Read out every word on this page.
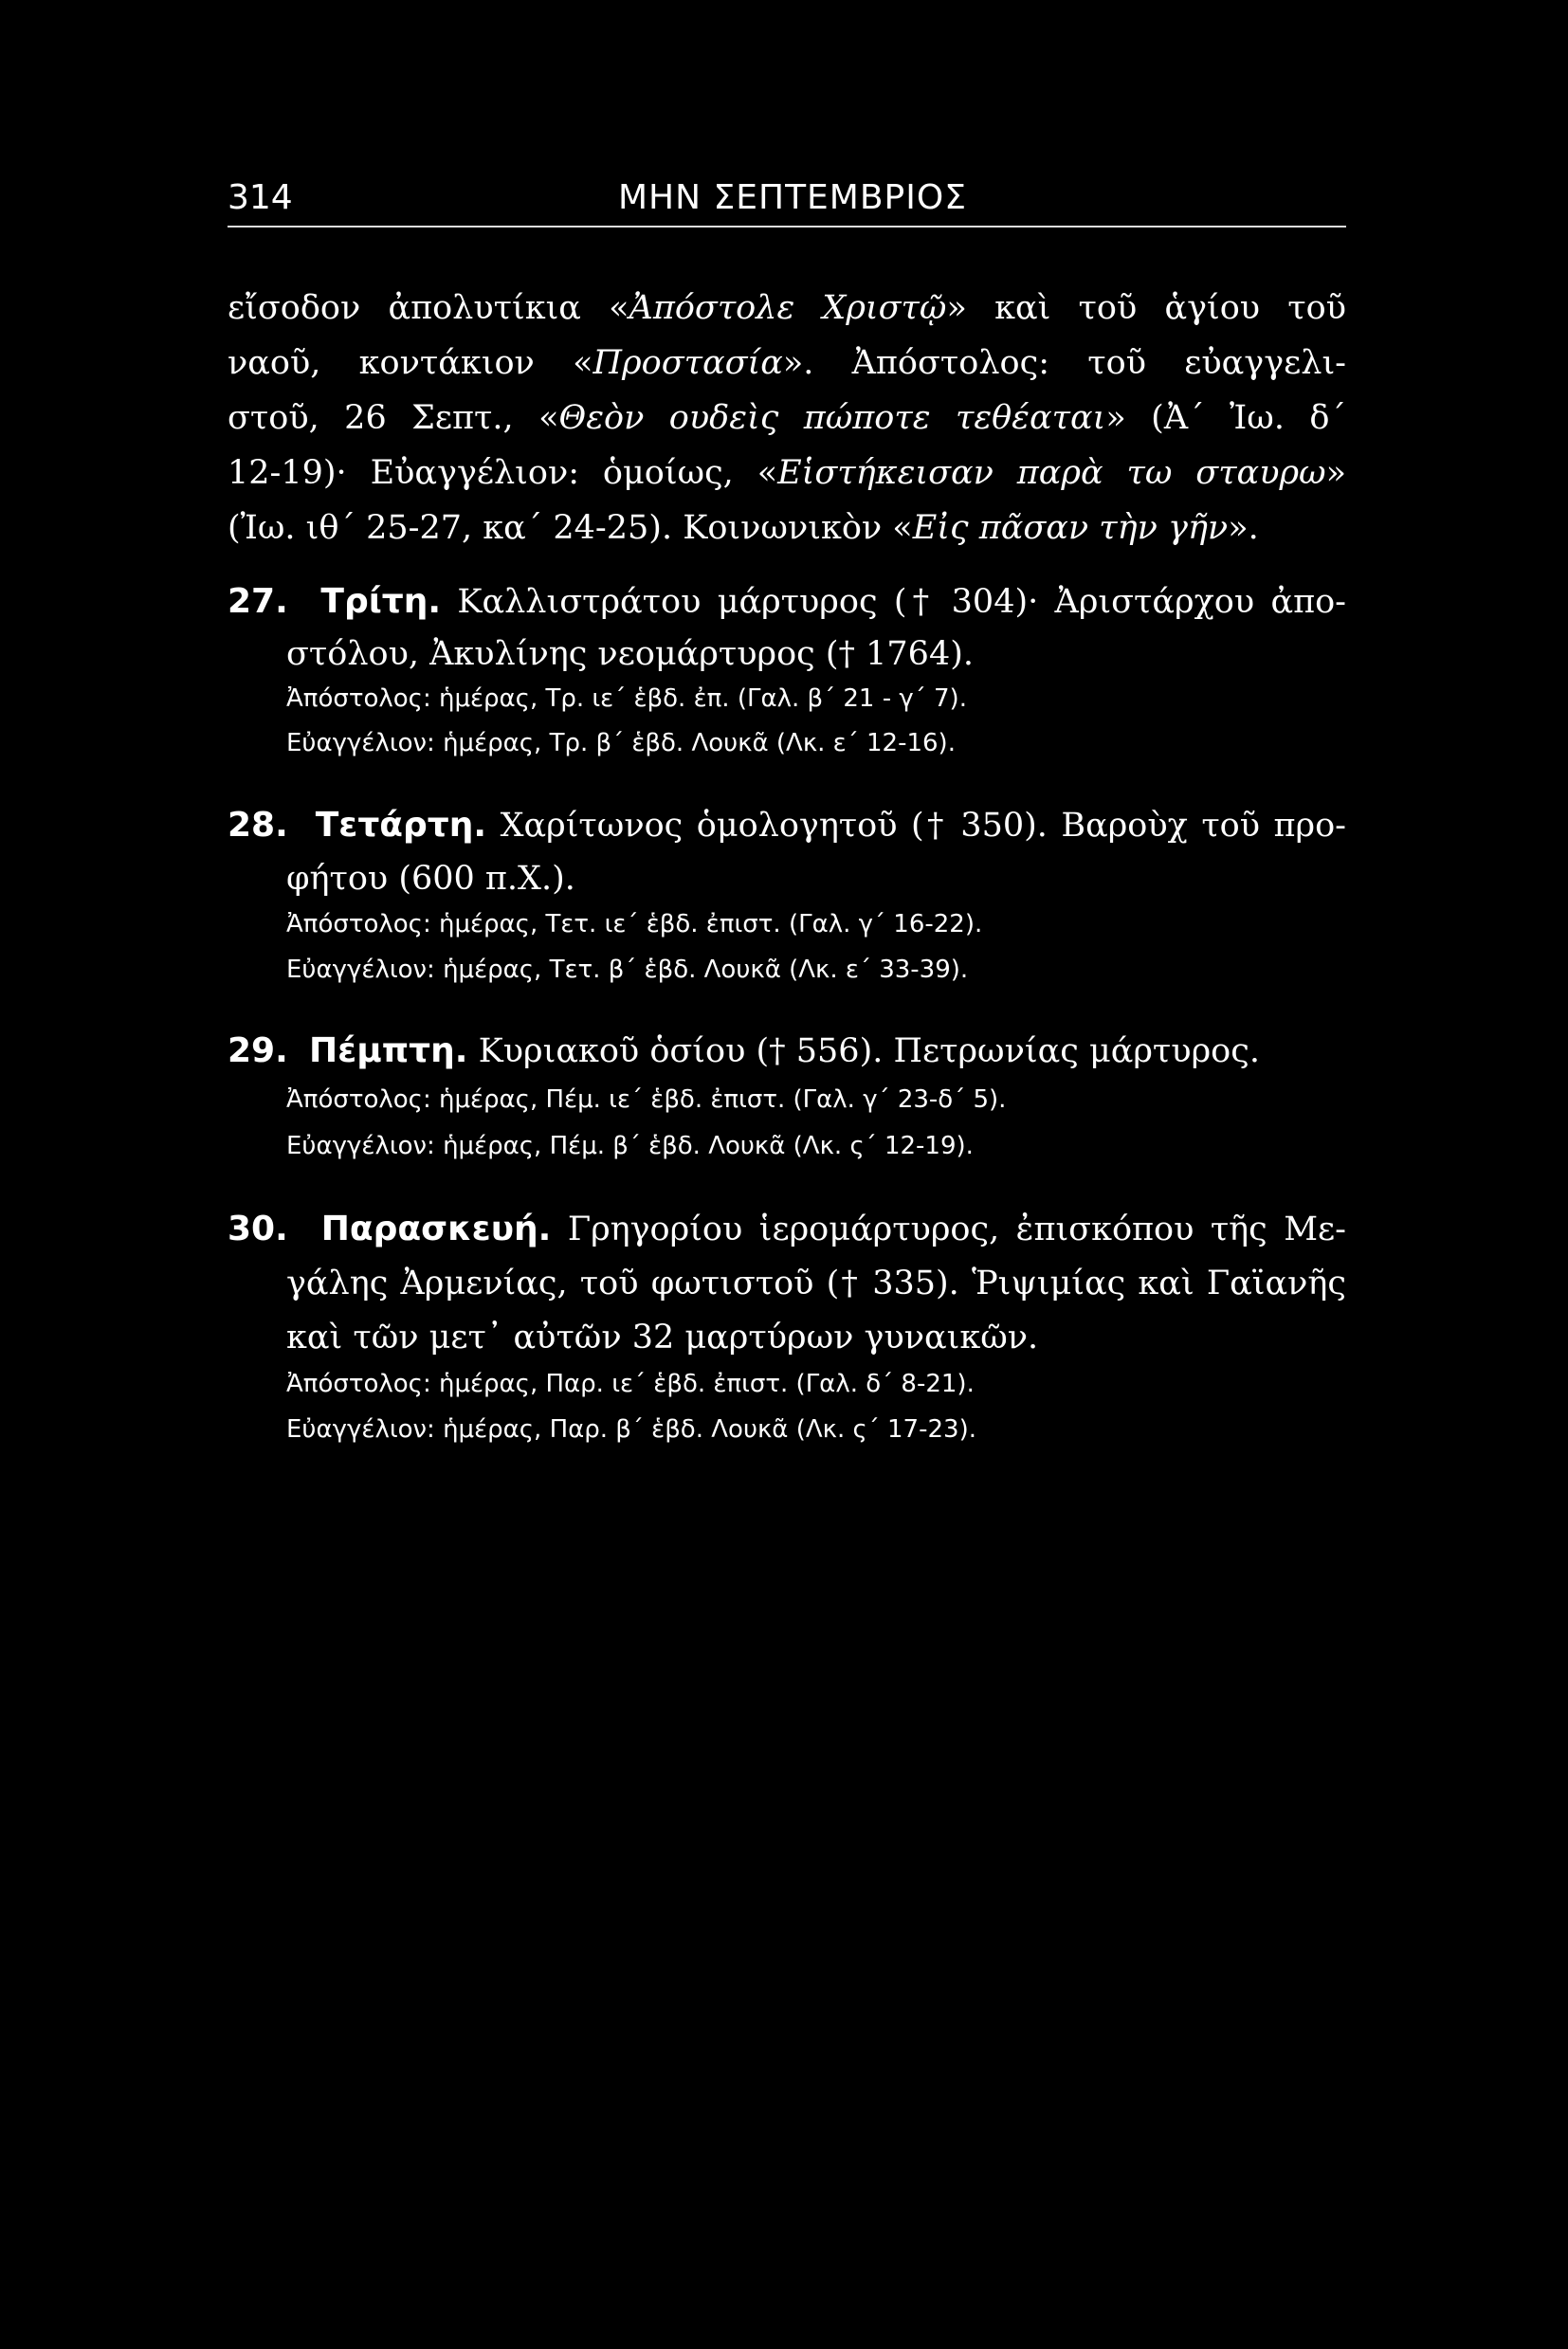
314	ΜΗΝ ΣΕΠΤΕΜΒΡΙΟΣ
εἴσοδον ἀπολυτίκια «Ἀπόστολε Χριστῷ» καὶ τοῦ ἁγίου τοῦ
ναοῦ, κοντάκιον «Προστασία». Ἀπόστολος: τοῦ εὐαγγελι-
στοῦ, 26 Σεπτ., «Θεὸν ουδεὶς πώποτε τεθέαται» (Ἀ΄ Ἰω. δ΄
12-19)· Εὐαγγέλιον: ὁμοίως, «Εἱστήκεισαν παρὰ τω σταυρω»
(Ἰω. ιθ΄ 25-27, κα΄ 24-25). Κοινωνικὸν «Εἰς πᾶσαν τὴν γῆν».
27. Τρίτη. Καλλιστράτου μάρτυρος († 304)· Ἀριστάρχου ἀπο-
στόλου, Ἀκυλίνης νεομάρτυρος († 1764).
Ἀπόστολος: ἡμέρας, Τρ. ιε΄ ἑβδ. ἐπ. (Γαλ. β΄ 21 - γ΄ 7).
Εὐαγγέλιον: ἡμέρας, Τρ. β΄ ἑβδ. Λουκᾶ (Λκ. ε΄ 12-16).
28. Τετάρτη. Χαρίτωνος ὁμολογητοῦ († 350). Βαροὺχ τοῦ προ-
φήτου (600 π.Χ.).
Ἀπόστολος: ἡμέρας, Τετ. ιε΄ ἑβδ. ἐπιστ. (Γαλ. γ΄ 16-22).
Εὐαγγέλιον: ἡμέρας, Τετ. β΄ ἑβδ. Λουκᾶ (Λκ. ε΄ 33-39).
29. Πέμπτη. Κυριακοῦ ὁσίου († 556). Πετρωνίας μάρτυρος.
Ἀπόστολος: ἡμέρας, Πέμ. ιε΄ ἑβδ. ἐπιστ. (Γαλ. γ΄ 23-δ΄ 5).
Εὐαγγέλιον: ἡμέρας, Πέμ. β΄ ἑβδ. Λουκᾶ (Λκ. ς΄ 12-19).
30. Παρασκευή. Γρηγορίου ἱερομάρτυρος, ἐπισκόπου τῆς Με-
γάλης Ἀρμενίας, τοῦ φωτιστοῦ († 335). Ῥιψιμίας καὶ Γαϊανῆς
καὶ τῶν μετ᾽ αὐτῶν 32 μαρτύρων γυναικῶν.
Ἀπόστολος: ἡμέρας, Παρ. ιε΄ ἑβδ. ἐπιστ. (Γαλ. δ΄ 8-21).
Εὐαγγέλιον: ἡμέρας, Παρ. β΄ ἑβδ. Λουκᾶ (Λκ. ς΄ 17-23).
